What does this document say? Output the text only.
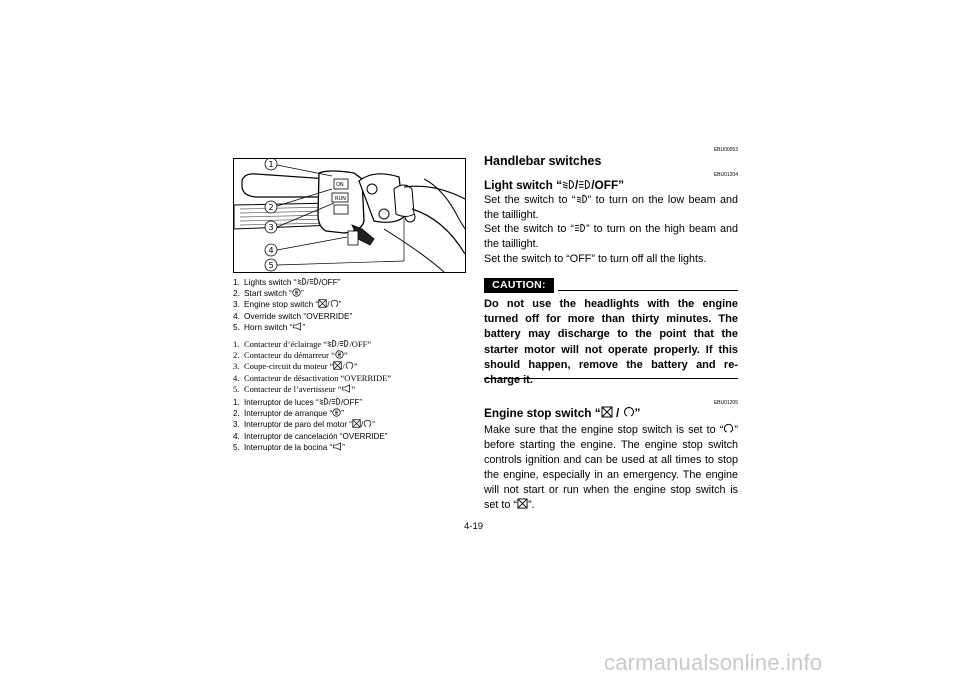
ON
RUN
1
2
3
4
5
1. Lights switch “ / /OFF”
2. Start switch “ ”
3. Engine stop switch “ / ”
4. Override switch “OVERRIDE”
5. Horn switch “ ”
1. Contacteur d’éclairage “ / /OFF”
2. Contacteur du démarreur “ ”
3. Coupe-circuit du moteur “ / ”
4. Contacteur de désactivation “OVERRIDE”
5. Contacteur de l’avertisseur “ ”
1. Interruptor de luces “ / /OFF”
2. Interruptor de arranque “ ”
3. Interruptor de paro del motor “ / ”
4. Interruptor de cancelación “OVERRIDE”
5. Interruptor de la bocina “ ”
EBU00053
Handlebar switches
EBU01204
Light switch “ / /OFF”
Set the switch to “ ” to turn on the low beam and the taillight.
Set the switch to “ ” to turn on the high beam and the taillight.
Set the switch to “OFF” to turn off all the lights.
CAUTION:
Do not use the headlights with the engine turned off for more than thirty minutes. The battery may discharge to the point that the starter motor will not operate properly. If this should happen, remove the battery and re-charge it.
EBU01205
Engine stop switch “ / ”
Make sure that the engine stop switch is set to “ ” before starting the engine. The engine stop switch controls ignition and can be used at all times to stop the engine, especially in an emergency. The engine will not start or run when the engine stop switch is set to “ ”.
4-19
carmanualsonline.info
